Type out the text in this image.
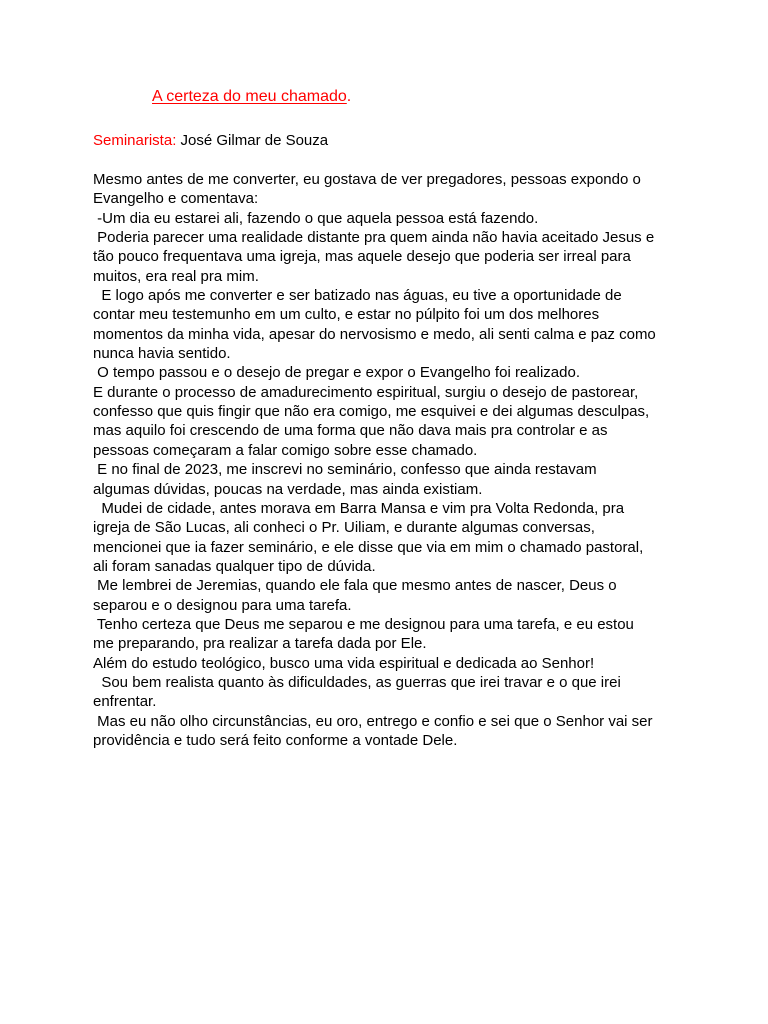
A certeza do meu chamado.
Seminarista: José Gilmar de Souza
Mesmo antes de me converter, eu gostava de ver pregadores, pessoas expondo o
Evangelho e comentava:
-Um dia eu estarei ali, fazendo o que aquela pessoa está fazendo.
Poderia parecer uma realidade distante pra quem ainda não havia aceitado Jesus e
tão pouco frequentava uma igreja, mas aquele desejo que poderia ser irreal para
muitos, era real pra mim.
E logo após me converter e ser batizado nas águas, eu tive a oportunidade de
contar meu testemunho em um culto, e estar no púlpito foi um dos melhores
momentos da minha vida, apesar do nervosismo e medo, ali senti calma e paz como
nunca havia sentido.
O tempo passou e o desejo de pregar e expor o Evangelho foi realizado.
E durante o processo de amadurecimento espiritual, surgiu o desejo de pastorear,
confesso que quis fingir que não era comigo, me esquivei e dei algumas desculpas,
mas aquilo foi crescendo de uma forma que não dava mais pra controlar e as
pessoas começaram a falar comigo sobre esse chamado.
E no final de 2023, me inscrevi no seminário, confesso que ainda restavam
algumas dúvidas, poucas na verdade, mas ainda existiam.
Mudei de cidade, antes morava em Barra Mansa e vim pra Volta Redonda, pra
igreja de São Lucas, ali conheci o Pr. Uiliam, e durante algumas conversas,
mencionei que ia fazer seminário, e ele disse que via em mim o chamado pastoral,
ali foram sanadas qualquer tipo de dúvida.
Me lembrei de Jeremias, quando ele fala que mesmo antes de nascer, Deus o
separou e o designou para uma tarefa.
Tenho certeza que Deus me separou e me designou para uma tarefa, e eu estou
me preparando, pra realizar a tarefa dada por Ele.
Além do estudo teológico, busco uma vida espiritual e dedicada ao Senhor!
Sou bem realista quanto às dificuldades, as guerras que irei travar e o que irei
enfrentar.
Mas eu não olho circunstâncias, eu oro, entrego e confio e sei que o Senhor vai ser
providência e tudo será feito conforme a vontade Dele.
